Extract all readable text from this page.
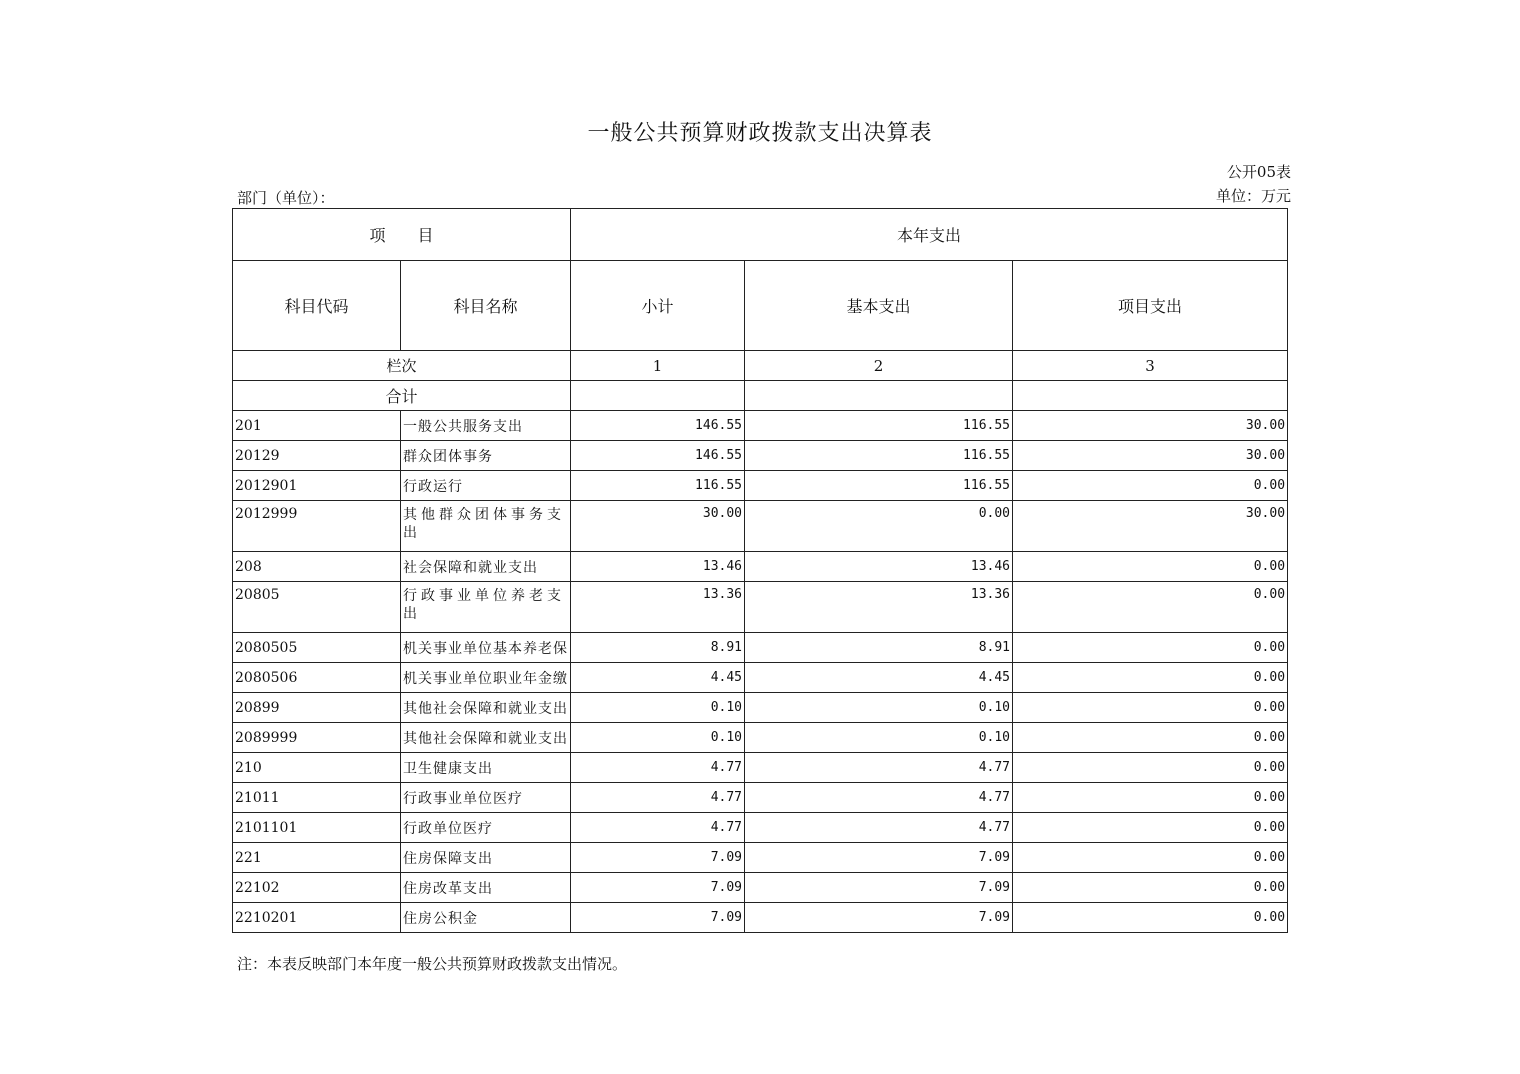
一般公共预算财政拨款支出决算表
公开05表
部门（单位）：	单位：万元
项　　目		本年支出		
科目代码	科目名称	小计	基本支出	项目支出
栏次		1	2	3
合计				
201	一般公共服务支出	146.55	116.55	30.00
20129	群众团体事务	146.55	116.55	30.00
2012901	行政运行	116.55	116.55	0.00
2012999	其他群众团体事务支出	30.00	0.00	30.00
208	社会保障和就业支出	13.46	13.46	0.00
20805	行政事业单位养老支出	13.36	13.36	0.00
2080505	机关事业单位基本养老保	8.91	8.91	0.00
2080506	机关事业单位职业年金缴	4.45	4.45	0.00
20899	其他社会保障和就业支出	0.10	0.10	0.00
2089999	其他社会保障和就业支出	0.10	0.10	0.00
210	卫生健康支出	4.77	4.77	0.00
21011	行政事业单位医疗	4.77	4.77	0.00
2101101	行政单位医疗	4.77	4.77	0.00
221	住房保障支出	7.09	7.09	0.00
22102	住房改革支出	7.09	7.09	0.00
2210201	住房公积金	7.09	7.09	0.00
注：本表反映部门本年度一般公共预算财政拨款支出情况。
